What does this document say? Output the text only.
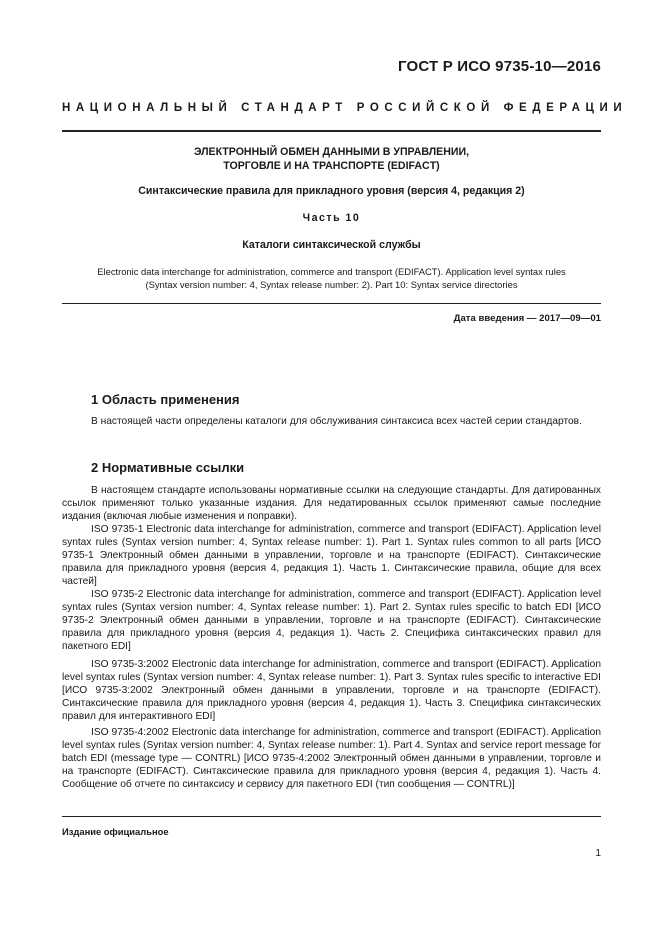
ГОСТ Р ИСО 9735-10—2016
НАЦИОНАЛЬНЫЙ СТАНДАРТ РОССИЙСКОЙ ФЕДЕРАЦИИ
ЭЛЕКТРОННЫЙ ОБМЕН ДАННЫМИ В УПРАВЛЕНИИ,
ТОРГОВЛЕ И НА ТРАНСПОРТЕ (EDIFACT)
Синтаксические правила для прикладного уровня (версия 4, редакция 2)
Часть 10
Каталоги синтаксической службы
Electronic data interchange for administration, commerce and transport (EDIFACT). Application level syntax rules
(Syntax version number: 4, Syntax release number: 2). Part 10: Syntax service directories
Дата введения — 2017—09—01
1 Область применения

В настоящей части определены каталоги для обслуживания синтаксиса всех частей серии стандартов.

2 Нормативные ссылки

В настоящем стандарте использованы нормативные ссылки на следующие стандарты. Для датированных ссылок применяют только указанные издания. Для недатированных ссылок применяют самые последние издания (включая любые изменения и поправки).

ISO 9735-1 Electronic data interchange for administration, commerce and transport (EDIFACT). Application level syntax rules (Syntax version number: 4, Syntax release number: 1). Part 1. Syntax rules common to all parts [ИСО 9735-1 Электронный обмен данными в управлении, торговле и на транспорте (EDIFACT). Синтаксические правила для прикладного уровня (версия 4, редакция 1). Часть 1. Синтаксические правила, общие для всех частей]

ISO 9735-2 Electronic data interchange for administration, commerce and transport (EDIFACT). Application level syntax rules (Syntax version number: 4, Syntax release number: 1). Part 2. Syntax rules specific to batch EDI [ИСО 9735-2 Электронный обмен данными в управлении, торговле и на транспорте (EDIFACT). Синтаксические правила для прикладного уровня (версия 4, редакция 1). Часть 2. Специфика синтаксических правил для пакетного EDI]

ISO 9735-3:2002 Electronic data interchange for administration, commerce and transport (EDIFACT). Application level syntax rules (Syntax version number: 4, Syntax release number: 1). Part 3. Syntax rules specific to interactive EDI [ИСО 9735-3:2002 Электронный обмен данными в управлении, торговле и на транспорте (EDIFACT). Синтаксические правила для прикладного уровня (версия 4, редакция 1). Часть 3. Специфика синтаксических правил для интерактивного EDI]

ISO 9735-4:2002 Electronic data interchange for administration, commerce and transport (EDIFACT). Application level syntax rules (Syntax version number: 4, Syntax release number: 1). Part 4. Syntax and service report message for batch EDI (message type — CONTRL) [ИСО 9735-4:2002 Электронный обмен данными в управлении, торговле и на транспорте (EDIFACT). Синтаксические правила для прикладного уровня (версия 4, редакция 1). Часть 4. Сообщение об отчете по синтаксису и сервису для пакетного EDI (тип сообщения — CONTRL)]

Издание официальное
1
